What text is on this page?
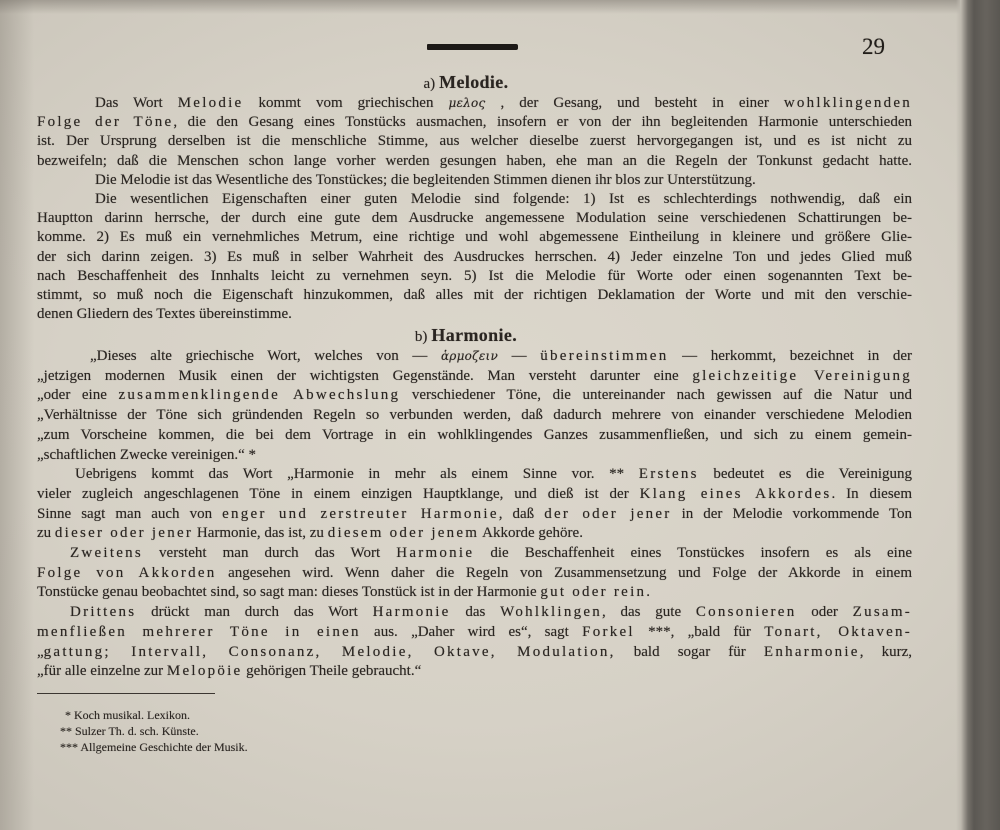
29
a) Melodie.
Das Wort Melodie kommt vom griechischen μελος , der Gesang, und besteht in einer wohlklingenden
Folge der Töne, die den Gesang eines Tonstücks ausmachen, insofern er von der ihn begleitenden Harmonie unterschieden
ist. Der Ursprung derselben ist die menschliche Stimme, aus welcher dieselbe zuerst hervorgegangen ist, und es ist nicht zu
bezweifeln; daß die Menschen schon lange vorher werden gesungen haben, ehe man an die Regeln der Tonkunst gedacht hatte.
Die Melodie ist das Wesentliche des Tonstückes; die begleitenden Stimmen dienen ihr blos zur Unterstützung.
Die wesentlichen Eigenschaften einer guten Melodie sind folgende: 1) Ist es schlechterdings nothwendig, daß ein
Hauptton darinn herrsche, der durch eine gute dem Ausdrucke angemessene Modulation seine verschiedenen Schattirungen be-
komme. 2) Es muß ein vernehmliches Metrum, eine richtige und wohl abgemessene Eintheilung in kleinere und größere Glie-
der sich darinn zeigen. 3) Es muß in selber Wahrheit des Ausdruckes herrschen. 4) Jeder einzelne Ton und jedes Glied muß
nach Beschaffenheit des Innhalts leicht zu vernehmen seyn. 5) Ist die Melodie für Worte oder einen sogenannten Text be-
stimmt, so muß noch die Eigenschaft hinzukommen, daß alles mit der richtigen Deklamation der Worte und mit den verschie-
denen Gliedern des Textes übereinstimme.
b) Harmonie.
„Dieses alte griechische Wort, welches von — ἁρμοζειν — übereinstimmen — herkommt, bezeichnet in der
„jetzigen modernen Musik einen der wichtigsten Gegenstände. Man versteht darunter eine gleichzeitige Vereinigung
„oder eine zusammenklingende Abwechslung verschiedener Töne, die untereinander nach gewissen auf die Natur und
„Verhältnisse der Töne sich gründenden Regeln so verbunden werden, daß dadurch mehrere von einander verschiedene Melodien
„zum Vorscheine kommen, die bei dem Vortrage in ein wohlklingendes Ganzes zusammenfließen, und sich zu einem gemein-
„schaftlichen Zwecke vereinigen.“ *
Uebrigens kommt das Wort „Harmonie in mehr als einem Sinne vor. ** Erstens bedeutet es die Vereinigung
vieler zugleich angeschlagenen Töne in einem einzigen Hauptklange, und dieß ist der Klang eines Akkordes. In diesem
Sinne sagt man auch von enger und zerstreuter Harmonie, daß der oder jener in der Melodie vorkommende Ton
zu dieser oder jener Harmonie, das ist, zu diesem oder jenem Akkorde gehöre.
Zweitens versteht man durch das Wort Harmonie die Beschaffenheit eines Tonstückes insofern es als eine
Folge von Akkorden angesehen wird. Wenn daher die Regeln von Zusammensetzung und Folge der Akkorde in einem
Tonstücke genau beobachtet sind, so sagt man: dieses Tonstück ist in der Harmonie gut oder rein.
Drittens drückt man durch das Wort Harmonie das Wohlklingen, das gute Consonieren oder Zusam-
menfließen mehrerer Töne in einen aus. „Daher wird es“, sagt Forkel ***, „bald für Tonart, Oktaven-
„gattung; Intervall, Consonanz, Melodie, Oktave, Modulation, bald sogar für Enharmonie, kurz,
„für alle einzelne zur Melopöie gehörigen Theile gebraucht.“
* Koch musikal. Lexikon.
** Sulzer Th. d. sch. Künste.
*** Allgemeine Geschichte der Musik.
